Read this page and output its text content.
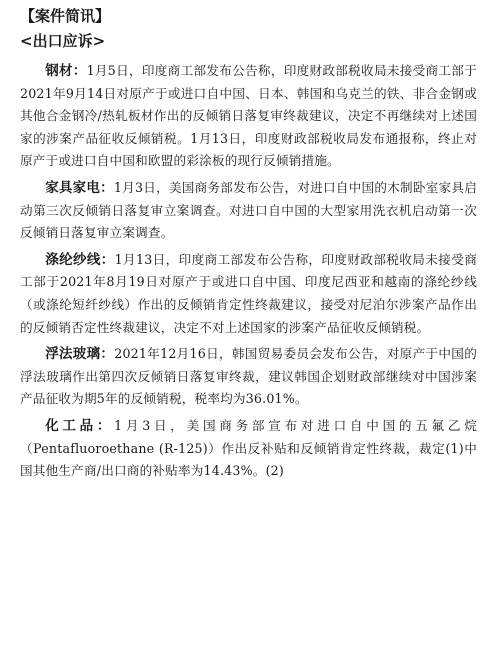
【案件简讯】
<出口应诉>

钢材：1月5日，印度商工部发布公告称，印度财政部税收局未接受商工部于2021年9月14日对原产于或进口自中国、日本、韩国和乌克兰的铁、非合金钢或其他合金钢冷/热轧板材作出的反倾销日落复审终裁建议，决定不再继续对上述国家的涉案产品征收反倾销税。1月13日，印度财政部税收局发布通报称，终止对原产于或进口自中国和欧盟的彩涂板的现行反倾销措施。

家具家电：1月3日，美国商务部发布公告，对进口自中国的木制卧室家具启动第三次反倾销日落复审立案调查。对进口自中国的大型家用洗衣机启动第一次反倾销日落复审立案调查。

涤纶纱线：1月13日，印度商工部发布公告称，印度财政部税收局未接受商工部于2021年8月19日对原产于或进口自中国、印度尼西亚和越南的涤纶纱线（或涤纶短纤纱线）作出的反倾销肯定性终裁建议，接受对尼泊尔涉案产品作出的反倾销否定性终裁建议，决定不对上述国家的涉案产品征收反倾销税。

浮法玻璃：2021年12月16日，韩国贸易委员会发布公告，对原产于中国的浮法玻璃作出第四次反倾销日落复审终裁，建议韩国企划财政部继续对中国涉案产品征收为期5年的反倾销税，税率均为36.01%。

化工品：1月3日，美国商务部宣布对进口自中国的五氟乙烷（Pentafluoroethane (R-125)）作出反补贴和反倾销肯定性终裁，裁定(1)中国其他生产商/出口商的补贴率为14.43%。(2)
